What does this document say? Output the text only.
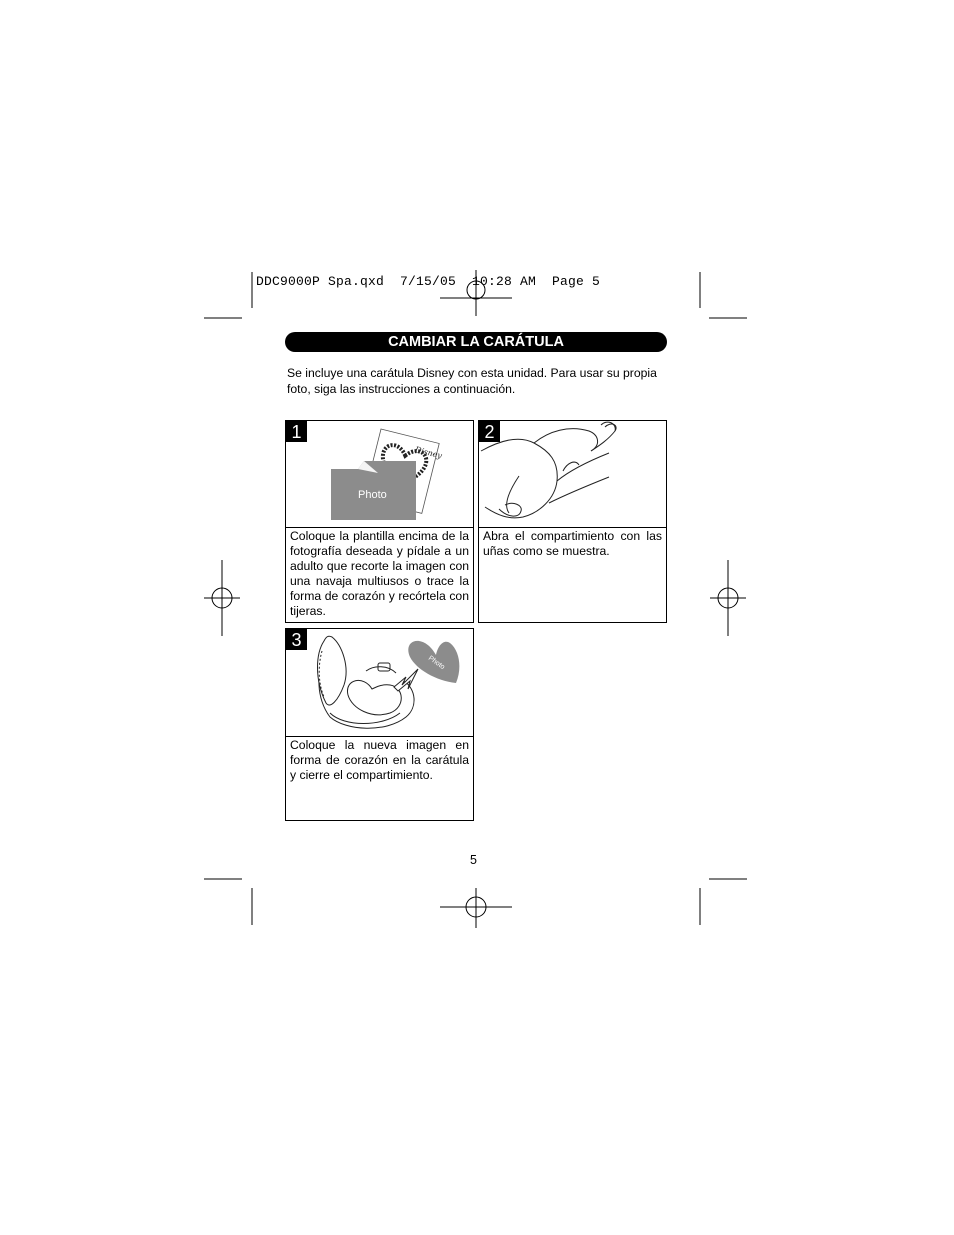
DDC9000P Spa.qxd  7/15/05  10:28 AM  Page 5
CAMBIAR LA CARÁTULA
Se incluye una carátula Disney con esta unidad. Para usar su propia foto, siga las instrucciones a continuación.
Disney
Photo
1
Coloque la plantilla encima de la fotografía deseada y pídale a un adulto que recorte la imagen con una navaja multiusos o trace la forma de corazón y recórtela con tijeras.
2
Abra el compartimiento con las uñas como se muestra.
Photo
3
Coloque la nueva imagen en forma de corazón en la carátula y cierre el compartimiento.
5
